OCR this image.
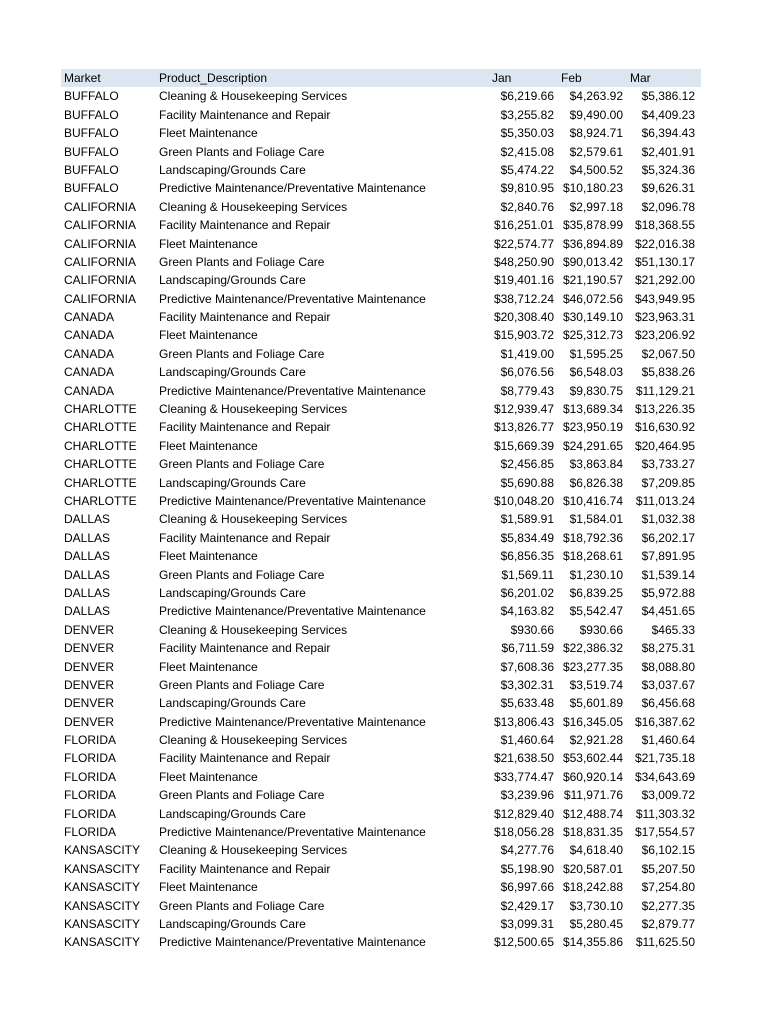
Market	Product_Description	Jan	Feb	Mar
BUFFALO	Cleaning & Housekeeping Services	$6,219.66	$4,263.92	$5,386.12
BUFFALO	Facility Maintenance and Repair	$3,255.82	$9,490.00	$4,409.23
BUFFALO	Fleet Maintenance	$5,350.03	$8,924.71	$6,394.43
BUFFALO	Green Plants and Foliage Care	$2,415.08	$2,579.61	$2,401.91
BUFFALO	Landscaping/Grounds Care	$5,474.22	$4,500.52	$5,324.36
BUFFALO	Predictive Maintenance/Preventative Maintenance	$9,810.95 $10,180.23	$9,626.31
CALIFORNIA	Cleaning & Housekeeping Services	$2,840.76	$2,997.18	$2,096.78
CALIFORNIA	Facility Maintenance and Repair	$16,251.01 $35,878.99 $18,368.55
CALIFORNIA	Fleet Maintenance	$22,574.77 $36,894.89 $22,016.38
CALIFORNIA	Green Plants and Foliage Care	$48,250.90 $90,013.42 $51,130.17
CALIFORNIA	Landscaping/Grounds Care	$19,401.16 $21,190.57 $21,292.00
CALIFORNIA	Predictive Maintenance/Preventative Maintenance	$38,712.24 $46,072.56 $43,949.95
CANADA	Facility Maintenance and Repair	$20,308.40 $30,149.10 $23,963.31
CANADA	Fleet Maintenance	$15,903.72 $25,312.73 $23,206.92
CANADA	Green Plants and Foliage Care	$1,419.00	$1,595.25	$2,067.50
CANADA	Landscaping/Grounds Care	$6,076.56	$6,548.03	$5,838.26
CANADA	Predictive Maintenance/Preventative Maintenance	$8,779.43	$9,830.75	$11,129.21
CHARLOTTE	Cleaning & Housekeeping Services	$12,939.47 $13,689.34 $13,226.35
CHARLOTTE	Facility Maintenance and Repair	$13,826.77 $23,950.19 $16,630.92
CHARLOTTE	Fleet Maintenance	$15,669.39 $24,291.65 $20,464.95
CHARLOTTE	Green Plants and Foliage Care	$2,456.85	$3,863.84	$3,733.27
CHARLOTTE	Landscaping/Grounds Care	$5,690.88	$6,826.38	$7,209.85
CHARLOTTE	Predictive Maintenance/Preventative Maintenance	$10,048.20 $10,416.74	$11,013.24
DALLAS	Cleaning & Housekeeping Services	$1,589.91	$1,584.01	$1,032.38
DALLAS	Facility Maintenance and Repair	$5,834.49 $18,792.36	$6,202.17
DALLAS	Fleet Maintenance	$6,856.35 $18,268.61	$7,891.95
DALLAS	Green Plants and Foliage Care	$1,569.11	$1,230.10	$1,539.14
DALLAS	Landscaping/Grounds Care	$6,201.02	$6,839.25	$5,972.88
DALLAS	Predictive Maintenance/Preventative Maintenance	$4,163.82	$5,542.47	$4,451.65
DENVER	Cleaning & Housekeeping Services	$930.66	$930.66	$465.33
DENVER	Facility Maintenance and Repair	$6,711.59 $22,386.32	$8,275.31
DENVER	Fleet Maintenance	$7,608.36 $23,277.35	$8,088.80
DENVER	Green Plants and Foliage Care	$3,302.31	$3,519.74	$3,037.67
DENVER	Landscaping/Grounds Care	$5,633.48	$5,601.89	$6,456.68
DENVER	Predictive Maintenance/Preventative Maintenance	$13,806.43 $16,345.05 $16,387.62
FLORIDA	Cleaning & Housekeeping Services	$1,460.64	$2,921.28	$1,460.64
FLORIDA	Facility Maintenance and Repair	$21,638.50 $53,602.44 $21,735.18
FLORIDA	Fleet Maintenance	$33,774.47 $60,920.14 $34,643.69
FLORIDA	Green Plants and Foliage Care	$3,239.96 $11,971.76	$3,009.72
FLORIDA	Landscaping/Grounds Care	$12,829.40 $12,488.74	$11,303.32
FLORIDA	Predictive Maintenance/Preventative Maintenance	$18,056.28 $18,831.35 $17,554.57
KANSASCITY	Cleaning & Housekeeping Services	$4,277.76	$4,618.40	$6,102.15
KANSASCITY	Facility Maintenance and Repair	$5,198.90 $20,587.01	$5,207.50
KANSASCITY	Fleet Maintenance	$6,997.66 $18,242.88	$7,254.80
KANSASCITY	Green Plants and Foliage Care	$2,429.17	$3,730.10	$2,277.35
KANSASCITY	Landscaping/Grounds Care	$3,099.31	$5,280.45	$2,879.77
KANSASCITY	Predictive Maintenance/Preventative Maintenance	$12,500.65 $14,355.86	$11,625.50
